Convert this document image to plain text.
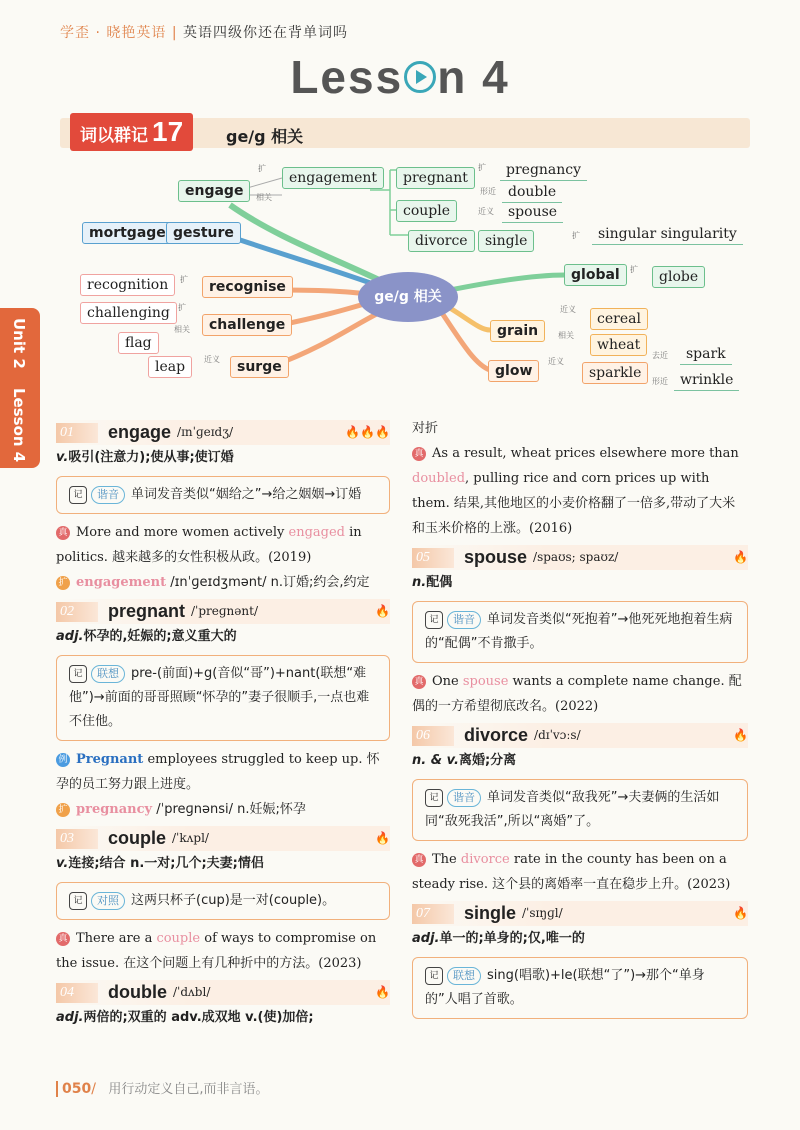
学歪 · 晓艳英语 | 英语四级你还在背单词吗
Less n 4
词以群记 17	ge/g 相关
Unit 2
Lesson 4
engage
engagement
扩
相关
pregnant
扩	pregnancy
形近 double
couple	近义	spouse
divorce	single	扩	singular singularity
mortgage gesture
recognition	扩	recognise
challenging	扩
相关	challenge
flag
leap	近义	surge
ge/g 相关
global	扩	globe
grain
近义
cereal
相关
wheat
glow
近义
sparkle
去近	spark
形近 wrinkle
01	engage /ɪnˈɡeɪdʒ/	🔥🔥🔥
v.吸引(注意力);使从事;使订婚
记 谐音 单词发音类似“姻给之”→给之姻姻→订婚
真 More and more women actively engaged in politics. 越来越多的女性积极从政。(2019)
扩 engagement /ɪnˈɡeɪdʒmənt/ n.订婚;约会,约定
02	pregnant /ˈpreɡnənt/	🔥
adj.怀孕的,妊娠的;意义重大的
记 联想 pre-(前面)+g(音似“哥”)+nant(联想“难他”)→前面的哥哥照顾“怀孕的”妻子很顺手,一点也难不住他。
例 Pregnant employees struggled to keep up. 怀孕的员工努力跟上进度。
扩 pregnancy /ˈpreɡnənsi/ n.妊娠;怀孕
03	couple /ˈkʌpl/	🔥
v.连接;结合 n.一对;几个;夫妻;情侣
记 对照 这两只杯子(cup)是一对(couple)。
真 There are a couple of ways to compromise on the issue. 在这个问题上有几种折中的方法。(2023)
04	double /ˈdʌbl/	🔥
adj.两倍的;双重的 adv.成双地 v.(使)加倍;
对折
真 As a result, wheat prices elsewhere more than doubled, pulling rice and corn prices up with them. 结果,其他地区的小麦价格翻了一倍多,带动了大米和玉米价格的上涨。(2016)
05	spouse /spaʊs; spaʊz/	🔥
n.配偶
记 谐音 单词发音类似“死抱着”→他死死地抱着生病的“配偶”不肯撒手。
真 One spouse wants a complete name change. 配偶的一方希望彻底改名。(2022)
06	divorce /dɪˈvɔːs/	🔥
n. & v.离婚;分离
记 谐音 单词发音类似“敌我死”→夫妻俩的生活如同“敌死我活”,所以“离婚”了。
真 The divorce rate in the county has been on a steady rise. 这个县的离婚率一直在稳步上升。(2023)
07	single /ˈsɪŋɡl/	🔥
adj.单一的;单身的;仅,唯一的
记 联想 sing(唱歌)+le(联想“了”)→那个“单身的”人唱了首歌。
050/ 用行动定义自己,而非言语。
